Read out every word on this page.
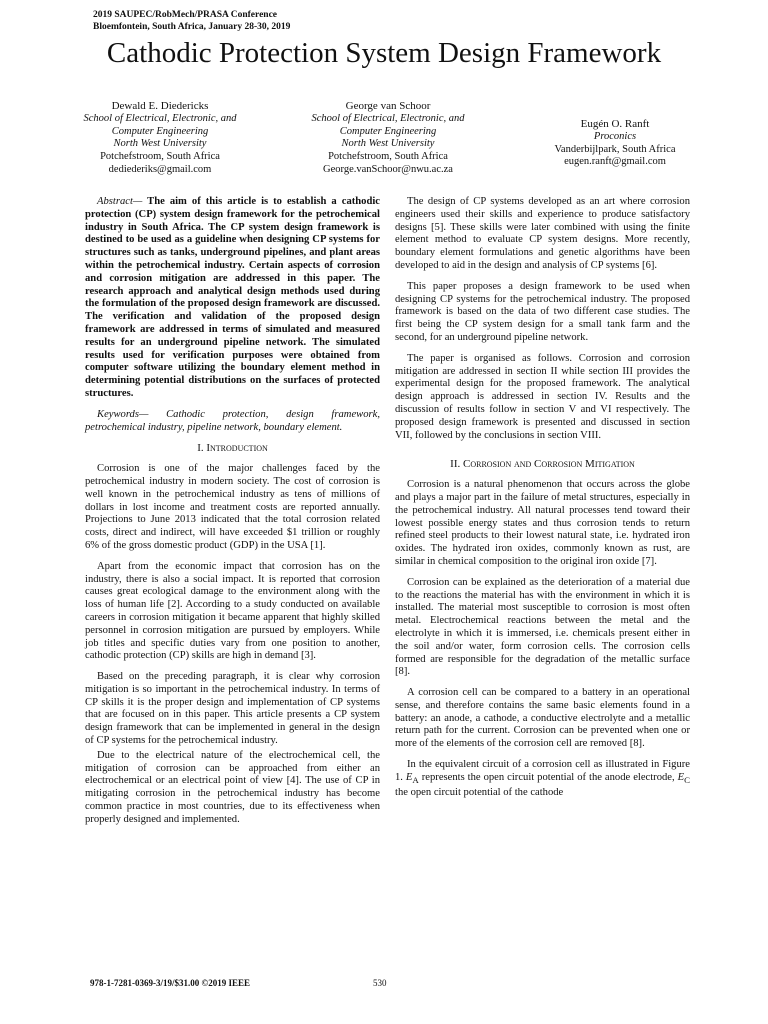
2019 SAUPEC/RobMech/PRASA Conference
Bloemfontein, South Africa, January 28-30, 2019
Cathodic Protection System Design Framework
Dewald E. Diedericks
School of Electrical, Electronic, and
Computer Engineering
North West University
Potchefstroom, South Africa
dediederiks@gmail.com
George van Schoor
School of Electrical, Electronic, and
Computer Engineering
North West University
Potchefstroom, South Africa
George.vanSchoor@nwu.ac.za
Eugén O. Ranft
Proconics
Vanderbijlpark, South Africa
eugen.ranft@gmail.com

Abstract— The aim of this article is to establish a cathodic protection (CP) system design framework for the petrochemical industry in South Africa. The CP system design framework is destined to be used as a guideline when designing CP systems for structures such as tanks, underground pipelines, and plant areas within the petrochemical industry. Certain aspects of corrosion and corrosion mitigation are addressed in this paper. The research approach and analytical design methods used during the formulation of the proposed design framework are discussed. The verification and validation of the proposed design framework are addressed in terms of simulated and measured results for an underground pipeline network. The simulated results used for verification purposes were obtained from computer software utilizing the boundary element method in determining potential distributions on the surfaces of protected structures.

Keywords— Cathodic protection, design framework, petrochemical industry, pipeline network, boundary element.

I. Introduction

Corrosion is one of the major challenges faced by the petrochemical industry in modern society. The cost of corrosion is well known in the petrochemical industry as tens of millions of dollars in lost income and treatment costs are reported annually. Projections to June 2013 indicated that the total corrosion related costs, direct and indirect, will have exceeded $1 trillion or roughly 6% of the gross domestic product (GDP) in the USA [1].

Apart from the economic impact that corrosion has on the industry, there is also a social impact. It is reported that corrosion causes great ecological damage to the environment along with the loss of human life [2]. According to a study conducted on available careers in corrosion mitigation it became apparent that highly skilled personnel in corrosion mitigation are pursued by employers. While job titles and specific duties vary from one position to another, cathodic protection (CP) skills are high in demand [3].

Based on the preceding paragraph, it is clear why corrosion mitigation is so important in the petrochemical industry. In terms of CP skills it is the proper design and implementation of CP systems that are focused on in this paper. This article presents a CP system design framework that can be implemented in general in the design of CP systems for the petrochemical industry.

Due to the electrical nature of the electrochemical cell, the mitigation of corrosion can be approached from either an electrochemical or an electrical point of view [4]. The use of CP in mitigating corrosion in the petrochemical industry has become common practice in most countries, due to its effectiveness when properly designed and implemented.

The design of CP systems developed as an art where corrosion engineers used their skills and experience to produce satisfactory designs [5]. These skills were later combined with using the finite element method to evaluate CP system designs. More recently, boundary element formulations and genetic algorithms have been developed to aid in the design and analysis of CP systems [6].

This paper proposes a design framework to be used when designing CP systems for the petrochemical industry. The proposed framework is based on the data of two different case studies. The first being the CP system design for a small tank farm and the second, for an underground pipeline network.

The paper is organised as follows. Corrosion and corrosion mitigation are addressed in section II while section III provides the experimental design for the proposed framework. The analytical design approach is addressed in section IV. Results and the discussion of results follow in section V and VI respectively. The proposed design framework is presented and discussed in section VII, followed by the conclusions in section VIII.

II. Corrosion and Corrosion Mitigation

Corrosion is a natural phenomenon that occurs across the globe and plays a major part in the failure of metal structures, especially in the petrochemical industry. All natural processes tend toward their lowest possible energy states and thus corrosion tends to return refined steel products to their lowest natural state, i.e. hydrated iron oxides. The hydrated iron oxides, commonly known as rust, are similar in chemical composition to the original iron oxide [7].

Corrosion can be explained as the deterioration of a material due to the reactions the material has with the environment in which it is installed. The material most susceptible to corrosion is most often metal. Electrochemical reactions between the metal and the electrolyte in which it is immersed, i.e. chemicals present either in the soil and/or water, form corrosion cells. The corrosion cells formed are responsible for the degradation of the metallic surface [8].

A corrosion cell can be compared to a battery in an operational sense, and therefore contains the same basic elements found in a battery: an anode, a cathode, a conductive electrolyte and a metallic return path for the current. Corrosion can be prevented when one or more of the elements of the corrosion cell are removed [8].

In the equivalent circuit of a corrosion cell as illustrated in Figure 1. $E_A$ represents the open circuit potential of the anode electrode, $E_C$ the open circuit potential of the cathode

978-1-7281-0369-3/19/$31.00 ©2019 IEEE	530
